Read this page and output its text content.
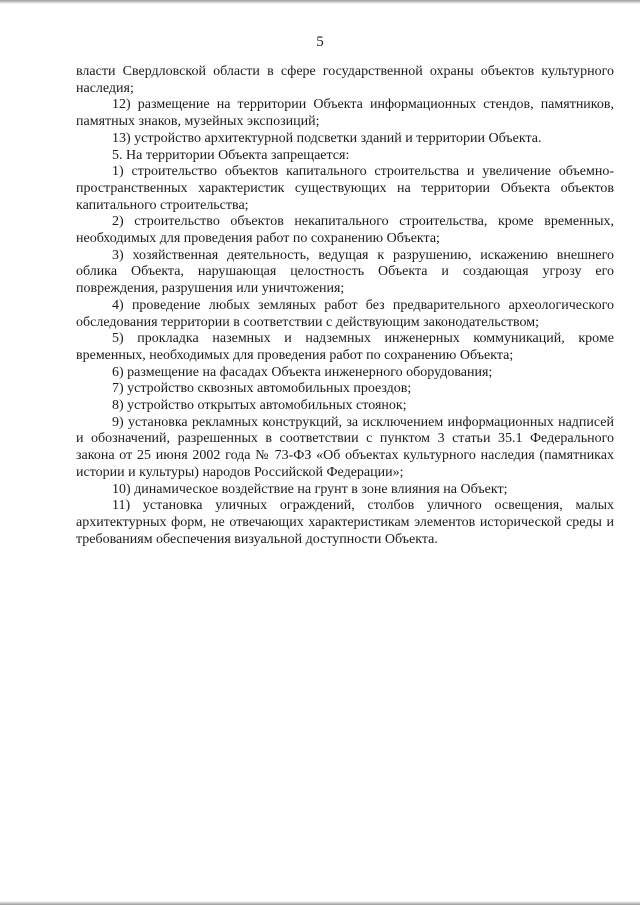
5

власти Свердловской области в сфере государственной охраны объектов культурного наследия;

12) размещение на территории Объекта информационных стендов, памятников, памятных знаков, музейных экспозиций;

13) устройство архитектурной подсветки зданий и территории Объекта.

5. На территории Объекта запрещается:

1) строительство объектов капитального строительства и увеличение объемно-пространственных характеристик существующих на территории Объекта объектов капитального строительства;

2) строительство объектов некапитального строительства, кроме временных, необходимых для проведения работ по сохранению Объекта;

3) хозяйственная деятельность, ведущая к разрушению, искажению внешнего облика Объекта, нарушающая целостность Объекта и создающая угрозу его повреждения, разрушения или уничтожения;

4) проведение любых земляных работ без предварительного археологического обследования территории в соответствии с действующим законодательством;

5) прокладка наземных и надземных инженерных коммуникаций, кроме временных, необходимых для проведения работ по сохранению Объекта;

6) размещение на фасадах Объекта инженерного оборудования;

7) устройство сквозных автомобильных проездов;

8) устройство открытых автомобильных стоянок;

9) установка рекламных конструкций, за исключением информационных надписей и обозначений, разрешенных в соответствии с пунктом 3 статьи 35.1 Федерального закона от 25 июня 2002 года № 73-ФЗ «Об объектах культурного наследия (памятниках истории и культуры) народов Российской Федерации»;

10) динамическое воздействие на грунт в зоне влияния на Объект;

11) установка уличных ограждений, столбов уличного освещения, малых архитектурных форм, не отвечающих характеристикам элементов исторической среды и требованиям обеспечения визуальной доступности Объекта.
